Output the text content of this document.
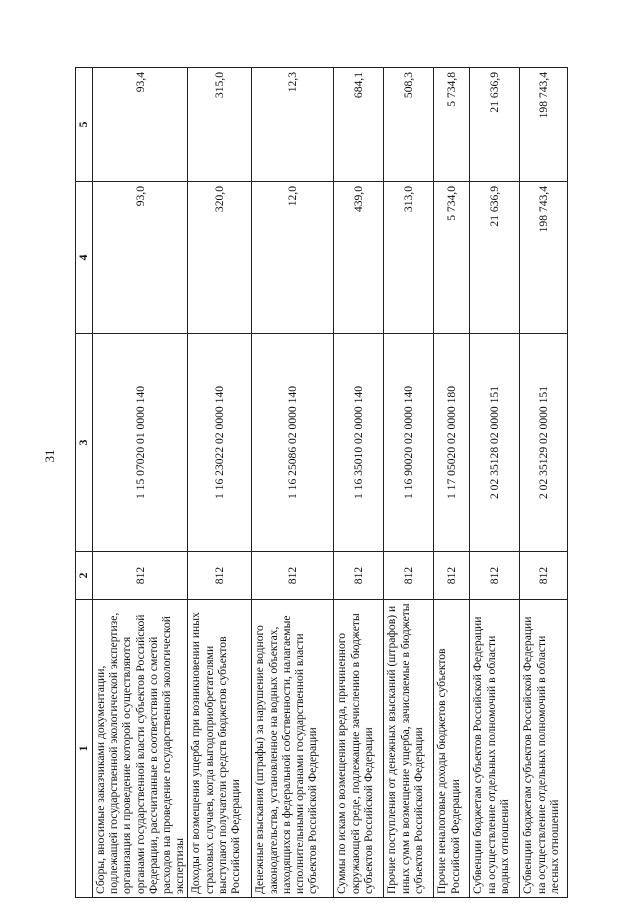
31
1	2	3	4	5
Сборы, вносимые заказчиками документации, подлежащей государственной экологической экспертизе, организация и проведение которой осуществляются органами государственной власти субъектов Российской Федерации, рассчитанные в соответствии со сметой расходов на проведение государственной экологической экспертизы	812	1 15 07020 01 0000 140	93,0	93,4
Доходы от возмещения ущерба при возникновении иных страховых случаев, когда выгодоприобретателями выступают получатели средств бюджетов субъектов Российской Федерации	812	1 16 23022 02 0000 140	320,0	315,0
Денежные взыскания (штрафы) за нарушение водного законодательства, установленное на водных объектах, находящихся в федеральной собственности, налагаемые исполнительными органами государственной власти субъектов Российской Федерации	812	1 16 25086 02 0000 140	12,0	12,3
Суммы по искам о возмещении вреда, причиненного окружающей среде, подлежащие зачислению в бюджеты субъектов Российской Федерации	812	1 16 35010 02 0000 140	439,0	684,1
Прочие поступления от денежных взысканий (штрафов) и иных сумм в возмещение ущерба, зачисляемые в бюджеты субъектов Российской Федерации	812	1 16 90020 02 0000 140	313,0	508,3
Прочие неналоговые доходы бюджетов субъектов Российской Федерации	812	1 17 05020 02 0000 180	5 734,0	5 734,8
Субвенции бюджетам субъектов Российской Федерации на осуществление отдельных полномочий в области водных отношений	812	2 02 35128 02 0000 151	21 636,9	21 636,9
Субвенции бюджетам субъектов Российской Федерации на осуществление отдельных полномочий в области лесных отношений	812	2 02 35129 02 0000 151	198 743,4	198 743,4
